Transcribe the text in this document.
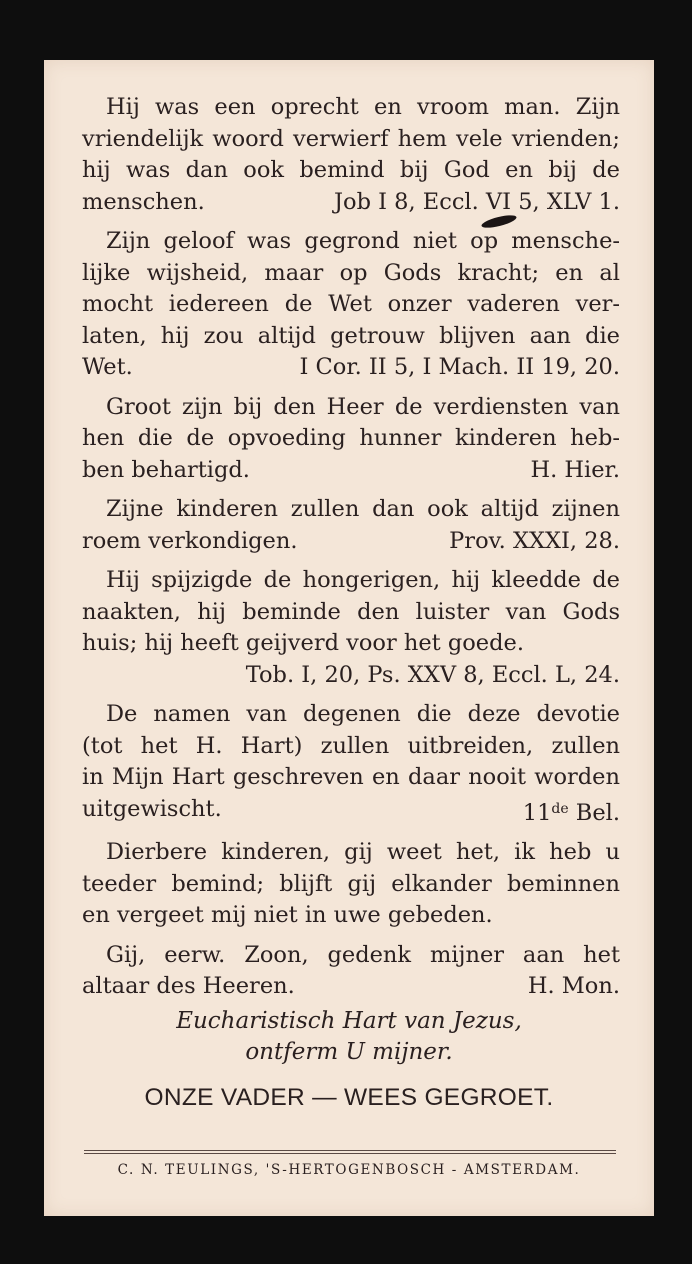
Hij was een oprecht en vroom man. Zijn
vriendelijk woord verwierf hem vele vrienden;
hij was dan ook bemind bij God en bij de
menschen.	Job I 8, Eccl. VI 5, XLV 1.
Zijn geloof was gegrond niet op mensche-
lijke wijsheid, maar op Gods kracht; en al
mocht iedereen de Wet onzer vaderen ver-
laten, hij zou altijd getrouw blijven aan die
Wet.	I Cor. II 5, I Mach. II 19, 20.
Groot zijn bij den Heer de verdiensten van
hen die de opvoeding hunner kinderen heb-
ben behartigd.	H. Hier.
Zijne kinderen zullen dan ook altijd zijnen
roem verkondigen.	Prov. XXXI, 28.
Hij spijzigde de hongerigen, hij kleedde de
naakten, hij beminde den luister van Gods
huis; hij heeft geijverd voor het goede.
Tob. I, 20, Ps. XXV 8, Eccl. L, 24.
De namen van degenen die deze devotie
(tot het H. Hart) zullen uitbreiden, zullen
in Mijn Hart geschreven en daar nooit worden
uitgewischt.	11de Bel.
Dierbere kinderen, gij weet het, ik heb u
teeder bemind; blijft gij elkander beminnen
en vergeet mij niet in uwe gebeden.
Gij, eerw. Zoon, gedenk mijner aan het
altaar des Heeren.	H. Mon.
Eucharistisch Hart van Jezus,
ontferm U mijner.
ONZE VADER — WEES GEGROET.
C. N. TEULINGS, 'S-HERTOGENBOSCH - AMSTERDAM.
